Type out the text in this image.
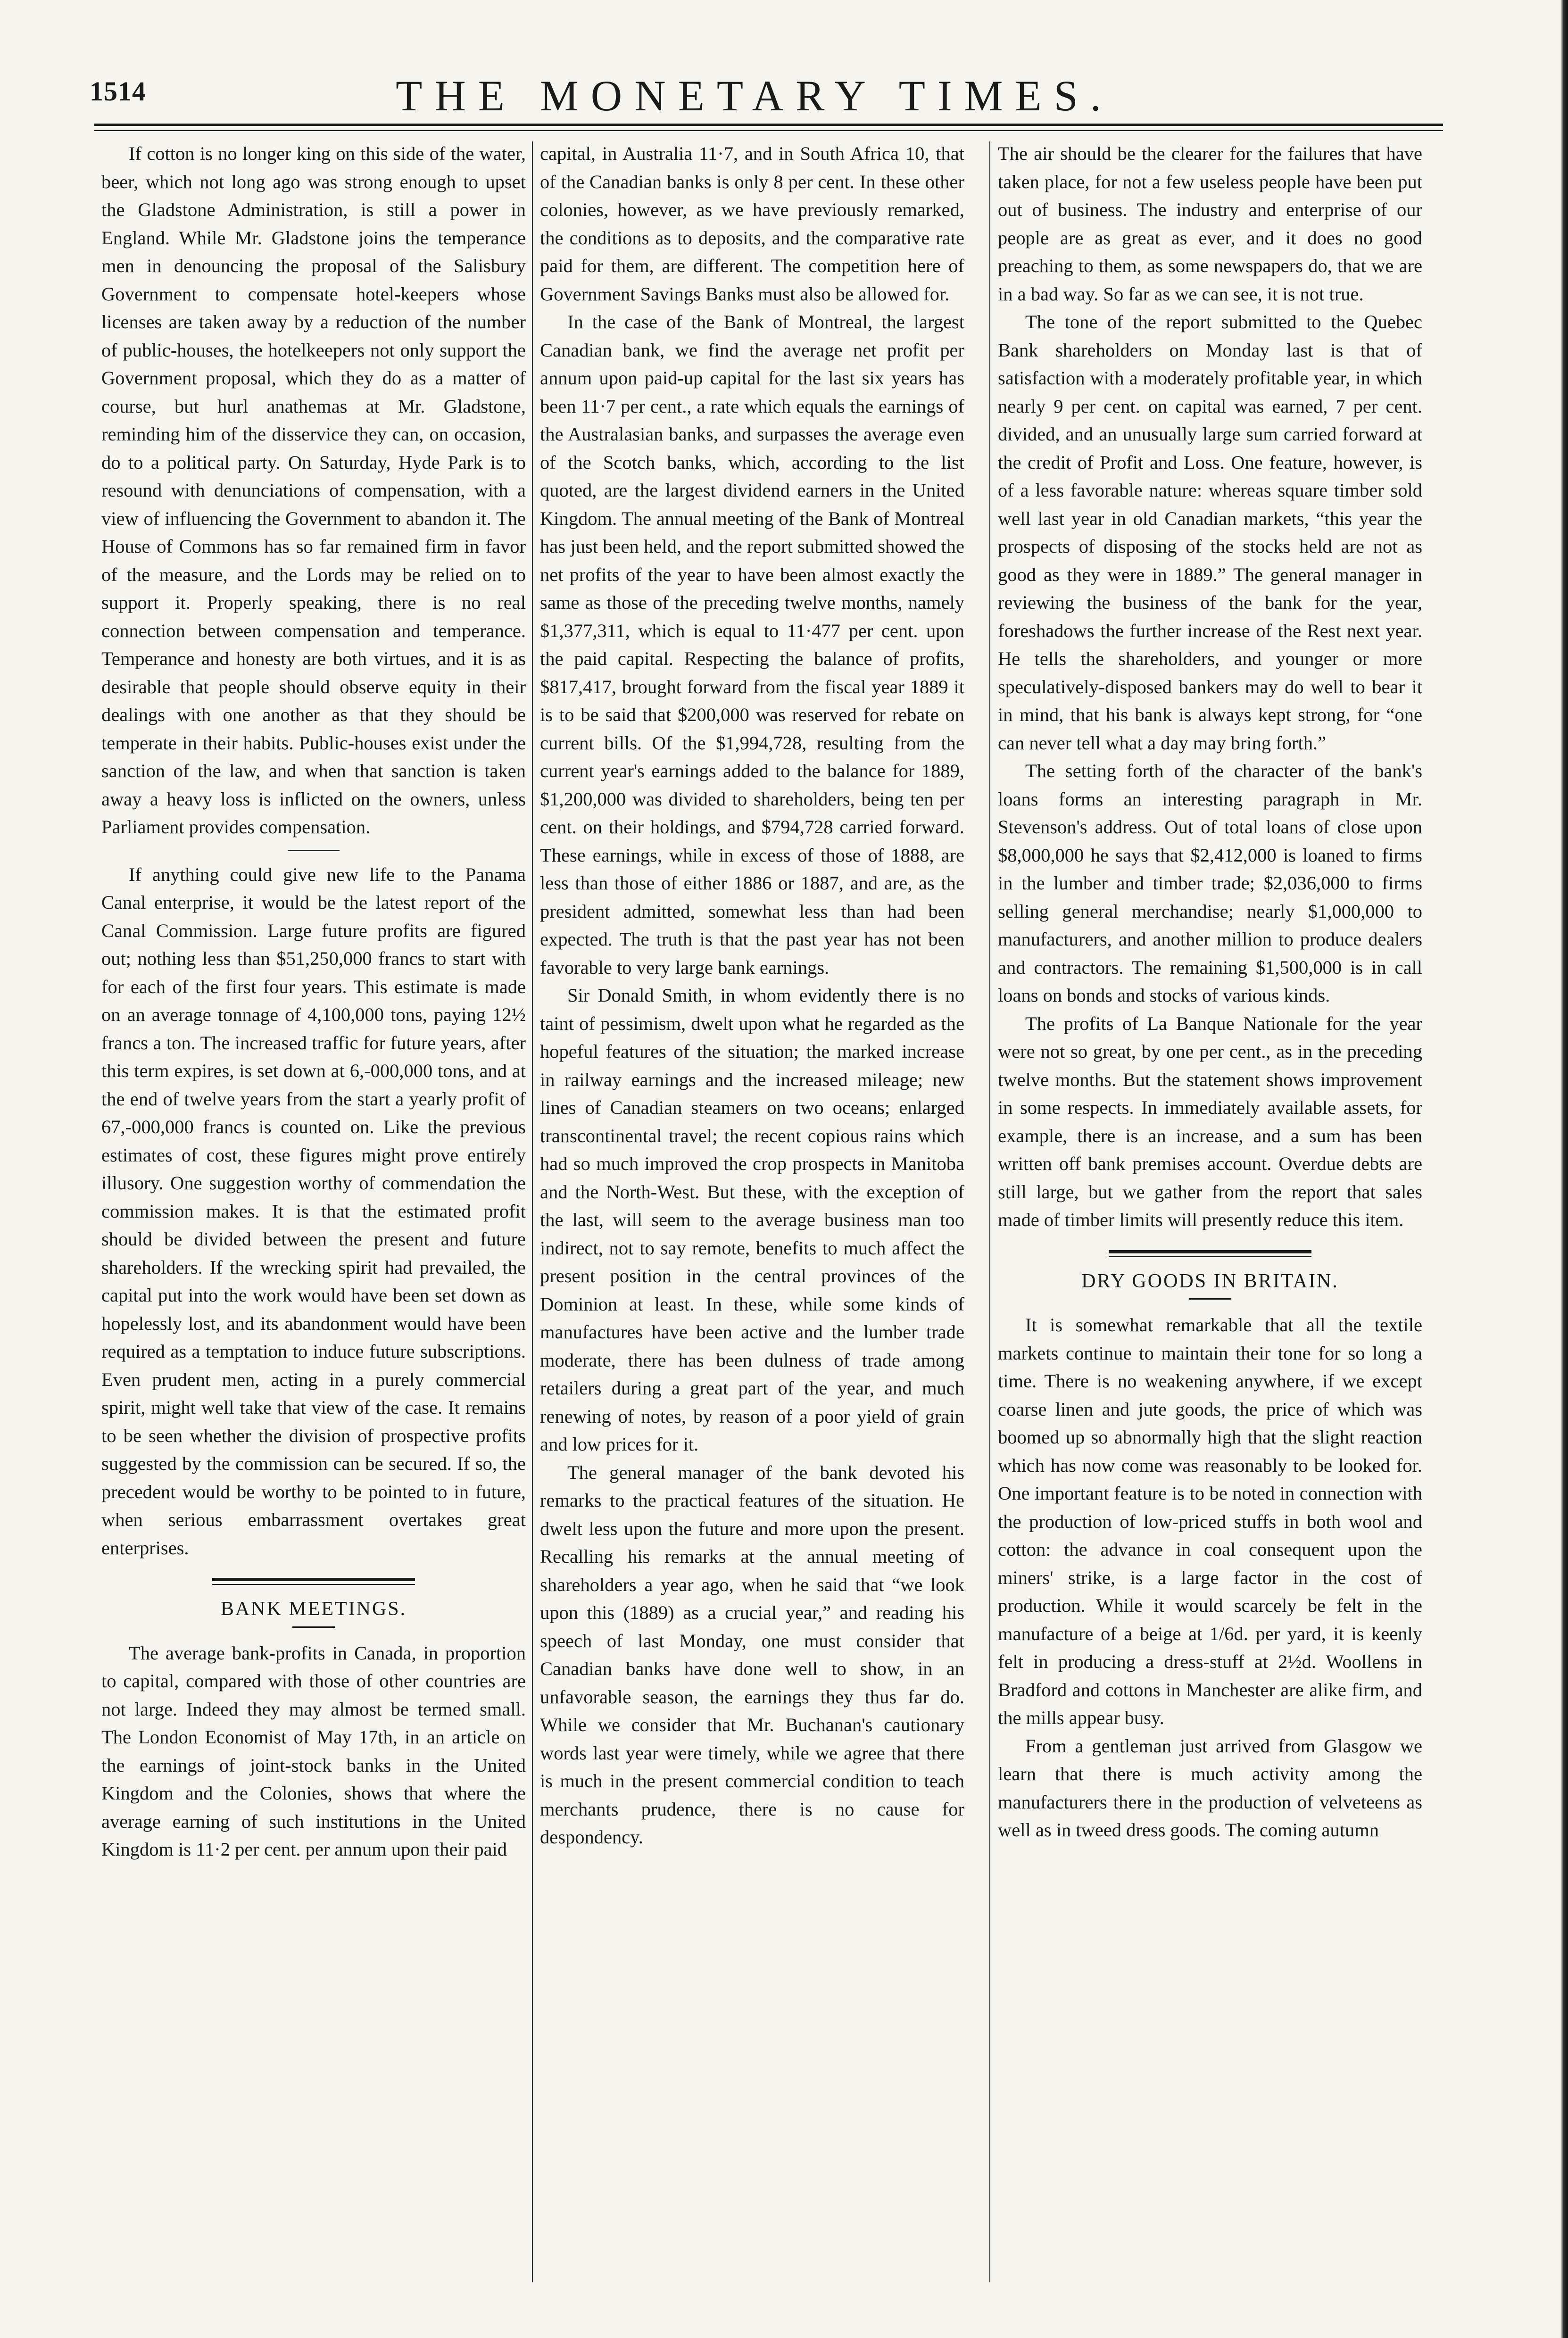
1514	THE MONETARY TIMES.

If cotton is no longer king on this side of the water, beer, which not long ago was strong enough to upset the Gladstone Administration, is still a power in England. While Mr. Gladstone joins the temperance men in denouncing the proposal of the Salisbury Government to compensate hotel-keepers whose licenses are taken away by a reduction of the number of public-houses, the hotelkeepers not only support the Government proposal, which they do as a matter of course, but hurl anathemas at Mr. Gladstone, reminding him of the disservice they can, on occasion, do to a political party. On Saturday, Hyde Park is to resound with denunciations of compensation, with a view of influencing the Government to abandon it. The House of Commons has so far remained firm in favor of the measure, and the Lords may be relied on to support it. Properly speaking, there is no real connection between compensation and temperance. Temperance and honesty are both virtues, and it is as desirable that people should observe equity in their dealings with one another as that they should be temperate in their habits. Public-houses exist under the sanction of the law, and when that sanction is taken away a heavy loss is inflicted on the owners, unless Parliament provides compensation.

If anything could give new life to the Panama Canal enterprise, it would be the latest report of the Canal Commission. Large future profits are figured out; nothing less than $51,250,000 francs to start with for each of the first four years. This estimate is made on an average tonnage of 4,100,000 tons, paying 12½ francs a ton. The increased traffic for future years, after this term expires, is set down at 6,-000,000 tons, and at the end of twelve years from the start a yearly profit of 67,-000,000 francs is counted on. Like the previous estimates of cost, these figures might prove entirely illusory. One suggestion worthy of commendation the commission makes. It is that the estimated profit should be divided between the present and future shareholders. If the wrecking spirit had prevailed, the capital put into the work would have been set down as hopelessly lost, and its abandonment would have been required as a temptation to induce future subscriptions. Even prudent men, acting in a purely commercial spirit, might well take that view of the case. It remains to be seen whether the division of prospective profits suggested by the commission can be secured. If so, the precedent would be worthy to be pointed to in future, when serious embarrassment overtakes great enterprises.

BANK MEETINGS.

The average bank-profits in Canada, in proportion to capital, compared with those of other countries are not large. Indeed they may almost be termed small. The London Economist of May 17th, in an article on the earnings of joint-stock banks in the United Kingdom and the Colonies, shows that where the average earning of such institutions in the United Kingdom is 11·2 per cent. per annum upon their paid

capital, in Australia 11·7, and in South Africa 10, that of the Canadian banks is only 8 per cent. In these other colonies, however, as we have previously remarked, the conditions as to deposits, and the comparative rate paid for them, are different. The competition here of Government Savings Banks must also be allowed for.

In the case of the Bank of Montreal, the largest Canadian bank, we find the average net profit per annum upon paid-up capital for the last six years has been 11·7 per cent., a rate which equals the earnings of the Australasian banks, and surpasses the average even of the Scotch banks, which, according to the list quoted, are the largest dividend earners in the United Kingdom. The annual meeting of the Bank of Montreal has just been held, and the report submitted showed the net profits of the year to have been almost exactly the same as those of the preceding twelve months, namely $1,377,311, which is equal to 11·477 per cent. upon the paid capital. Respecting the balance of profits, $817,417, brought forward from the fiscal year 1889 it is to be said that $200,000 was reserved for rebate on current bills. Of the $1,994,728, resulting from the current year's earnings added to the balance for 1889, $1,200,000 was divided to shareholders, being ten per cent. on their holdings, and $794,728 carried forward. These earnings, while in excess of those of 1888, are less than those of either 1886 or 1887, and are, as the president admitted, somewhat less than had been expected. The truth is that the past year has not been favorable to very large bank earnings.

Sir Donald Smith, in whom evidently there is no taint of pessimism, dwelt upon what he regarded as the hopeful features of the situation; the marked increase in railway earnings and the increased mileage; new lines of Canadian steamers on two oceans; enlarged transcontinental travel; the recent copious rains which had so much improved the crop prospects in Manitoba and the North-West. But these, with the exception of the last, will seem to the average business man too indirect, not to say remote, benefits to much affect the present position in the central provinces of the Dominion at least. In these, while some kinds of manufactures have been active and the lumber trade moderate, there has been dulness of trade among retailers during a great part of the year, and much renewing of notes, by reason of a poor yield of grain and low prices for it.

The general manager of the bank devoted his remarks to the practical features of the situation. He dwelt less upon the future and more upon the present. Recalling his remarks at the annual meeting of shareholders a year ago, when he said that “we look upon this (1889) as a crucial year,” and reading his speech of last Monday, one must consider that Canadian banks have done well to show, in an unfavorable season, the earnings they thus far do. While we consider that Mr. Buchanan's cautionary words last year were timely, while we agree that there is much in the present commercial condition to teach merchants prudence, there is no cause for despondency.

The air should be the clearer for the failures that have taken place, for not a few useless people have been put out of business. The industry and enterprise of our people are as great as ever, and it does no good preaching to them, as some newspapers do, that we are in a bad way. So far as we can see, it is not true.

The tone of the report submitted to the Quebec Bank shareholders on Monday last is that of satisfaction with a moderately profitable year, in which nearly 9 per cent. on capital was earned, 7 per cent. divided, and an unusually large sum carried forward at the credit of Profit and Loss. One feature, however, is of a less favorable nature: whereas square timber sold well last year in old Canadian markets, “this year the prospects of disposing of the stocks held are not as good as they were in 1889.” The general manager in reviewing the business of the bank for the year, foreshadows the further increase of the Rest next year. He tells the shareholders, and younger or more speculatively-disposed bankers may do well to bear it in mind, that his bank is always kept strong, for “one can never tell what a day may bring forth.”

The setting forth of the character of the bank's loans forms an interesting paragraph in Mr. Stevenson's address. Out of total loans of close upon $8,000,000 he says that $2,412,000 is loaned to firms in the lumber and timber trade; $2,036,000 to firms selling general merchandise; nearly $1,000,000 to manufacturers, and another million to produce dealers and contractors. The remaining $1,500,000 is in call loans on bonds and stocks of various kinds.

The profits of La Banque Nationale for the year were not so great, by one per cent., as in the preceding twelve months. But the statement shows improvement in some respects. In immediately available assets, for example, there is an increase, and a sum has been written off bank premises account. Overdue debts are still large, but we gather from the report that sales made of timber limits will presently reduce this item.

DRY GOODS IN BRITAIN.

It is somewhat remarkable that all the textile markets continue to maintain their tone for so long a time. There is no weakening anywhere, if we except coarse linen and jute goods, the price of which was boomed up so abnormally high that the slight reaction which has now come was reasonably to be looked for. One important feature is to be noted in connection with the production of low-priced stuffs in both wool and cotton: the advance in coal consequent upon the miners' strike, is a large factor in the cost of production. While it would scarcely be felt in the manufacture of a beige at 1/6d. per yard, it is keenly felt in producing a dress-stuff at 2½d. Woollens in Bradford and cottons in Manchester are alike firm, and the mills appear busy.

From a gentleman just arrived from Glasgow we learn that there is much activity among the manufacturers there in the production of velveteens as well as in tweed dress goods. The coming autumn
